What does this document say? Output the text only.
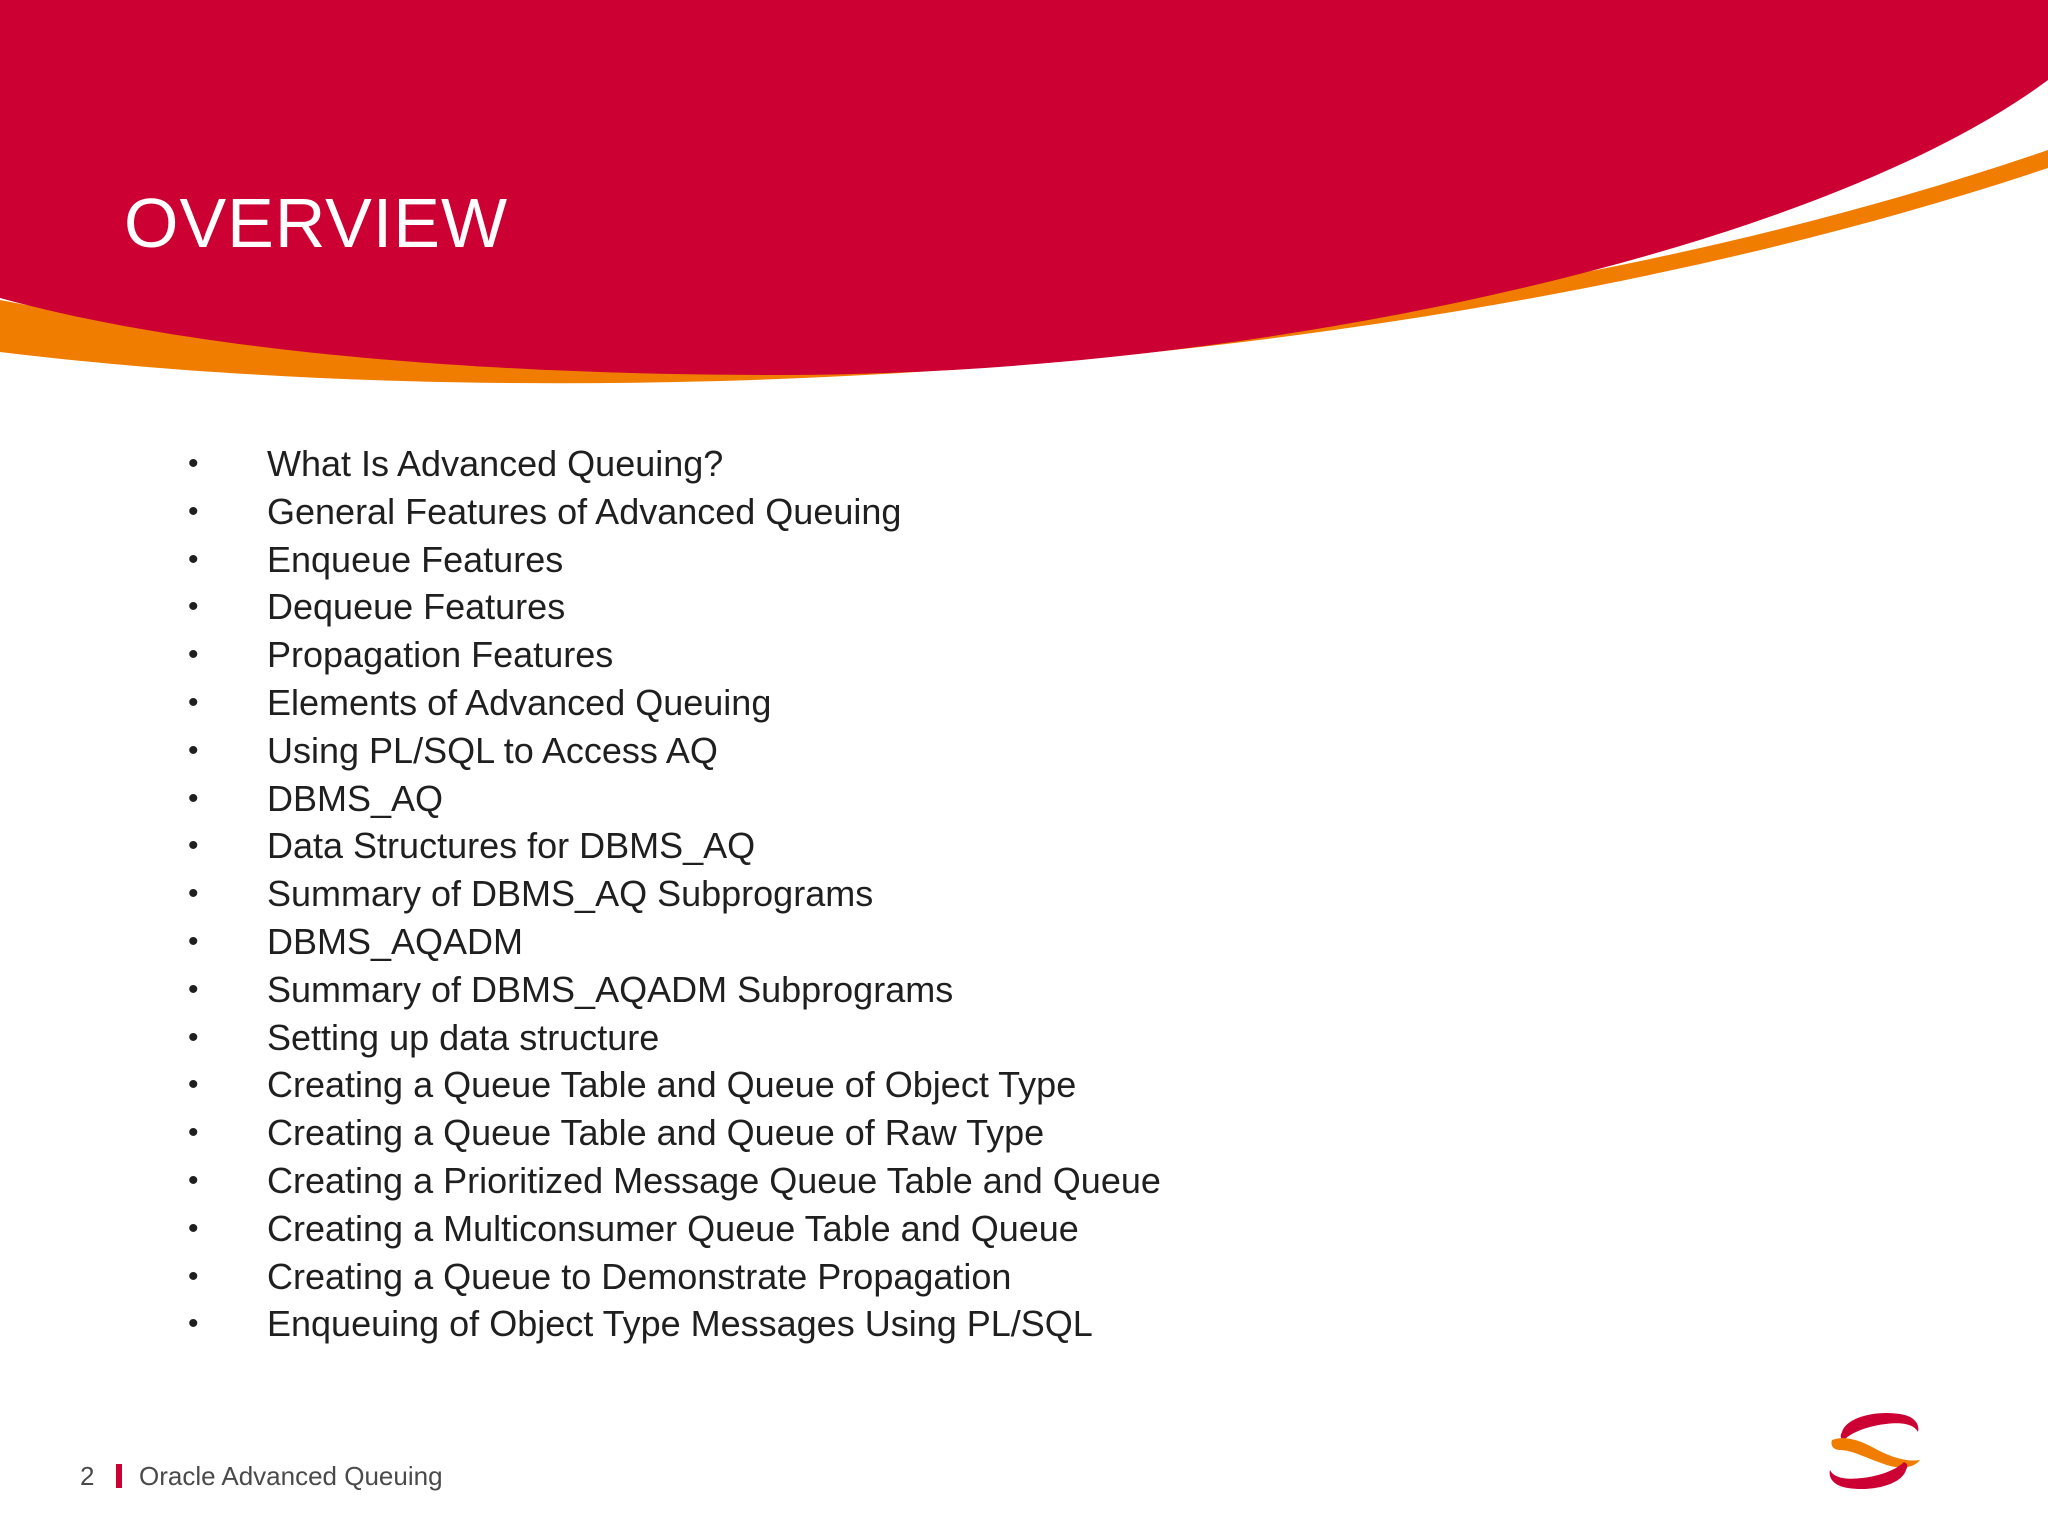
OVERVIEW
• What Is Advanced Queuing?
• General Features of Advanced Queuing
• Enqueue Features
• Dequeue Features
• Propagation Features
• Elements of Advanced Queuing
• Using PL/SQL to Access AQ
• DBMS_AQ
• Data Structures for DBMS_AQ
• Summary of DBMS_AQ Subprograms
• DBMS_AQADM
• Summary of DBMS_AQADM Subprograms
• Setting up data structure
• Creating a Queue Table and Queue of Object Type
• Creating a Queue Table and Queue of Raw Type
• Creating a Prioritized Message Queue Table and Queue
• Creating a Multiconsumer Queue Table and Queue
• Creating a Queue to Demonstrate Propagation
• Enqueuing of Object Type Messages Using PL/SQL
2 Oracle Advanced Queuing
